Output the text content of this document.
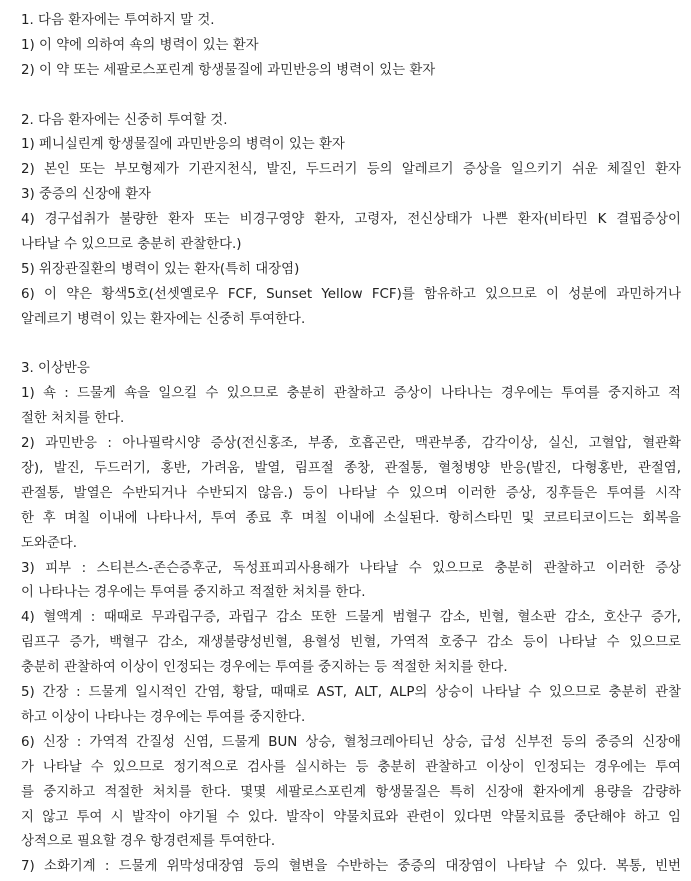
1. 다음 환자에는 투여하지 말 것.
1) 이 약에 의하여 쇽의 병력이 있는 환자
2) 이 약 또는 세팔로스포린계 항생물질에 과민반응의 병력이 있는 환자
2. 다음 환자에는 신중히 투여할 것.
1) 페니실린계 항생물질에 과민반응의 병력이 있는 환자
2) 본인 또는 부모형제가 기관지천식, 발진, 두드러기 등의 알레르기 증상을 일으키기 쉬운 체질인 환자
3) 중증의 신장애 환자
4) 경구섭취가 불량한 환자 또는 비경구영양 환자, 고령자, 전신상태가 나쁜 환자(비타민 K 결핍증상이
나타날 수 있으므로 충분히 관찰한다.)
5) 위장관질환의 병력이 있는 환자(특히 대장염)
6) 이 약은 황색5호(선셋옐로우 FCF, Sunset Yellow FCF)를 함유하고 있으므로 이 성분에 과민하거나
알레르기 병력이 있는 환자에는 신중히 투여한다.
3. 이상반응
1) 쇽 : 드물게 쇽을 일으킬 수 있으므로 충분히 관찰하고 증상이 나타나는 경우에는 투여를 중지하고 적
절한 처치를 한다.
2) 과민반응 : 아나필락시양 증상(전신홍조, 부종, 호흡곤란, 맥관부종, 감각이상, 실신, 고혈압, 혈관확
장), 발진, 두드러기, 홍반, 가려움, 발열, 림프절 종창, 관절통, 혈청병양 반응(발진, 다형홍반, 관절염,
관절통, 발열은 수반되거나 수반되지 않음.) 등이 나타날 수 있으며 이러한 증상, 징후들은 투여를 시작
한 후 며칠 이내에 나타나서, 투여 종료 후 며칠 이내에 소실된다. 항히스타민 및 코르티코이드는 회복을
도와준다.
3) 피부 : 스티븐스-존슨증후군, 독성표피괴사용해가 나타날 수 있으므로 충분히 관찰하고 이러한 증상
이 나타나는 경우에는 투여를 중지하고 적절한 처치를 한다.
4) 혈액계 : 때때로 무과립구증, 과립구 감소 또한 드물게 범혈구 감소, 빈혈, 혈소판 감소, 호산구 증가,
림프구 증가, 백혈구 감소, 재생불량성빈혈, 용혈성 빈혈, 가역적 호중구 감소 등이 나타날 수 있으므로
충분히 관찰하여 이상이 인정되는 경우에는 투여를 중지하는 등 적절한 처치를 한다.
5) 간장 : 드물게 일시적인 간염, 황달, 때때로 AST, ALT, ALP의 상승이 나타날 수 있으므로 충분히 관찰
하고 이상이 나타나는 경우에는 투여를 중지한다.
6) 신장 : 가역적 간질성 신염, 드물게 BUN 상승, 혈청크레아티닌 상승, 급성 신부전 등의 중증의 신장애
가 나타날 수 있으므로 정기적으로 검사를 실시하는 등 충분히 관찰하고 이상이 인정되는 경우에는 투여
를 중지하고 적절한 처치를 한다. 몇몇 세팔로스포린계 항생물질은 특히 신장애 환자에게 용량을 감량하
지 않고 투여 시 발작이 야기될 수 있다. 발작이 약물치료와 관련이 있다면 약물치료를 중단해야 하고 임
상적으로 필요할 경우 항경련제를 투여한다.
7) 소화기계 : 드물게 위막성대장염 등의 혈변을 수반하는 중증의 대장염이 나타날 수 있다. 복통, 빈번
